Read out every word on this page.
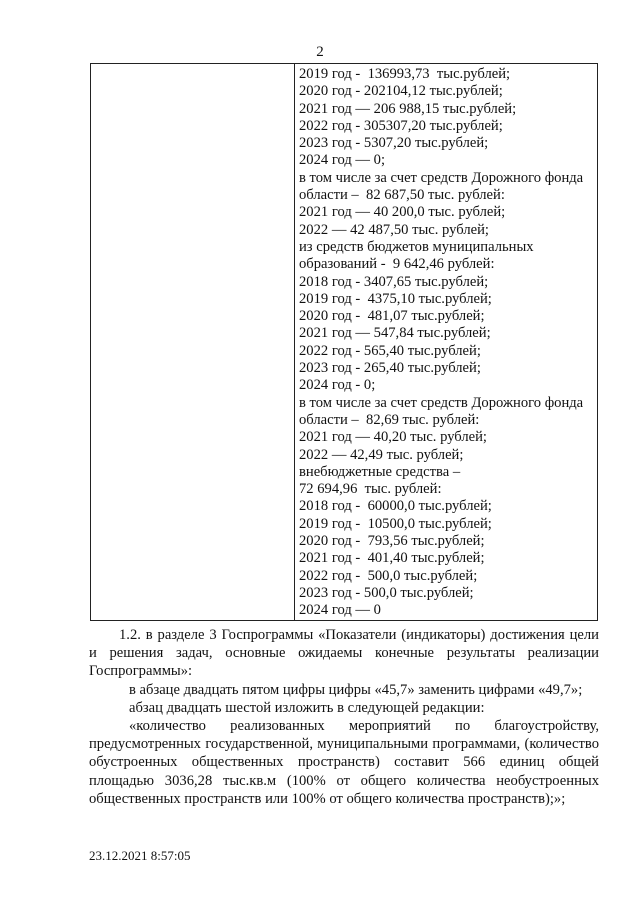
2
2019 год -  136993,73  тыс.рублей;
2020 год - 202104,12 тыс.рублей;
2021 год — 206 988,15 тыс.рублей;
2022 год - 305307,20 тыс.рублей;
2023 год - 5307,20 тыс.рублей;
2024 год — 0;
в том числе за счет средств Дорожного фонда
области –  82 687,50 тыс. рублей:
2021 год — 40 200,0 тыс. рублей;
2022 — 42 487,50 тыс. рублей;
из средств бюджетов муниципальных
образований -  9 642,46 рублей:
2018 год - 3407,65 тыс.рублей;
2019 год -  4375,10 тыс.рублей;
2020 год -  481,07 тыс.рублей;
2021 год — 547,84 тыс.рублей;
2022 год - 565,40 тыс.рублей;
2023 год - 265,40 тыс.рублей;
2024 год - 0;
в том числе за счет средств Дорожного фонда
области –  82,69 тыс. рублей:
2021 год — 40,20 тыс. рублей;
2022 — 42,49 тыс. рублей;
внебюджетные средства –
72 694,96  тыс. рублей:
2018 год -  60000,0 тыс.рублей;
2019 год -  10500,0 тыс.рублей;
2020 год -  793,56 тыс.рублей;
2021 год -  401,40 тыс.рублей;
2022 год -  500,0 тыс.рублей;
2023 год - 500,0 тыс.рублей;
2024 год — 0

1.2. в разделе 3 Госпрограммы «Показатели (индикаторы) достижения цели и решения задач, основные ожидаемы конечные результаты реализации Госпрограммы»:

в абзаце двадцать пятом цифры цифры «45,7» заменить цифрами «49,7»;

абзац двадцать шестой изложить в следующей редакции:

«количество реализованных мероприятий по благоустройству, предусмотренных государственной, муниципальными программами, (количество обустроенных общественных пространств) составит 566 единиц общей площадью 3036,28 тыс.кв.м (100% от общего количества необустроенных общественных пространств или 100% от общего количества пространств);»;

23.12.2021 8:57:05
